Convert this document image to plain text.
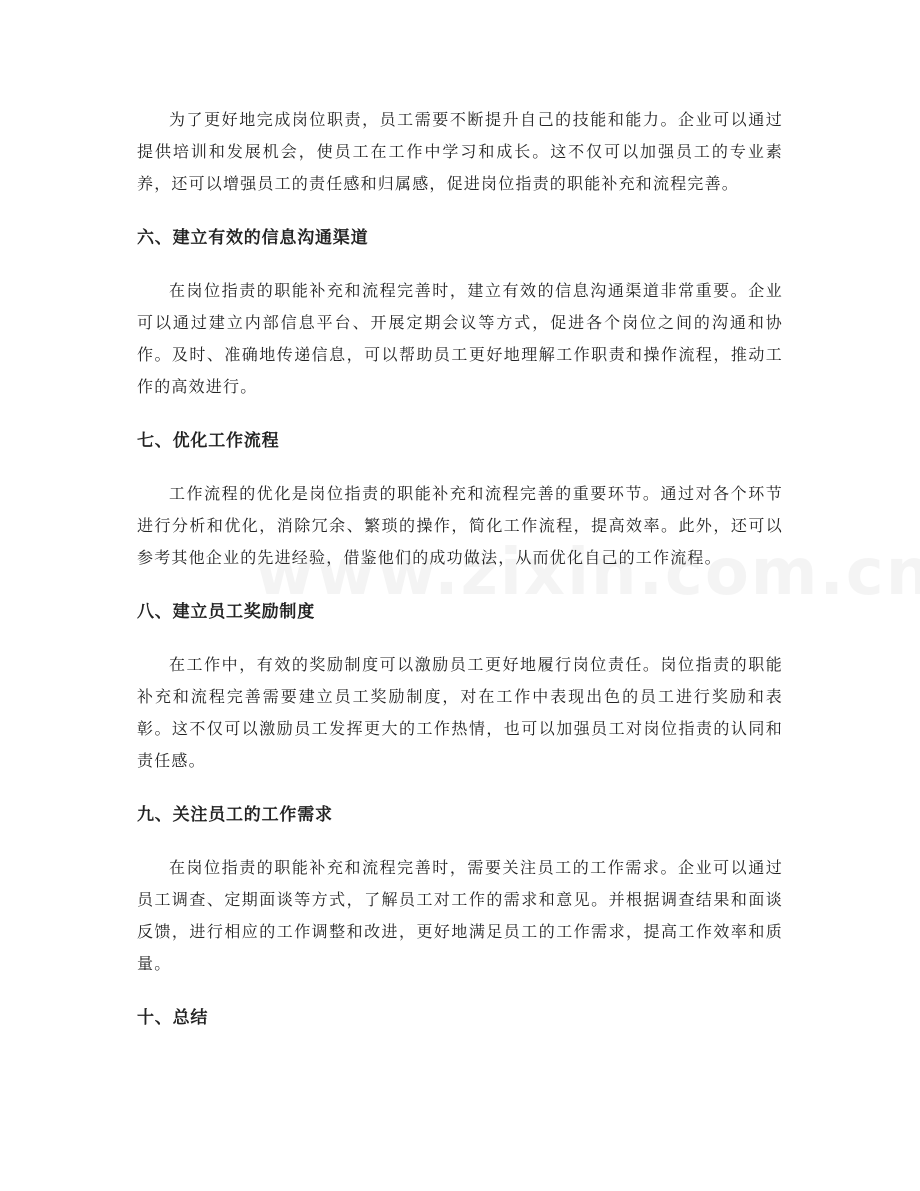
为了更好地完成岗位职责，员工需要不断提升自己的技能和能力。企业可以通过提供培训和发展机会，使员工在工作中学习和成长。这不仅可以加强员工的专业素养，还可以增强员工的责任感和归属感，促进岗位指责的职能补充和流程完善。

六、建立有效的信息沟通渠道

在岗位指责的职能补充和流程完善时，建立有效的信息沟通渠道非常重要。企业可以通过建立内部信息平台、开展定期会议等方式，促进各个岗位之间的沟通和协作。及时、准确地传递信息，可以帮助员工更好地理解工作职责和操作流程，推动工作的高效进行。

七、优化工作流程

工作流程的优化是岗位指责的职能补充和流程完善的重要环节。通过对各个环节进行分析和优化，消除冗余、繁琐的操作，简化工作流程，提高效率。此外，还可以参考其他企业的先进经验，借鉴他们的成功做法，从而优化自己的工作流程。

八、建立员工奖励制度

在工作中，有效的奖励制度可以激励员工更好地履行岗位责任。岗位指责的职能补充和流程完善需要建立员工奖励制度，对在工作中表现出色的员工进行奖励和表彰。这不仅可以激励员工发挥更大的工作热情，也可以加强员工对岗位指责的认同和责任感。

九、关注员工的工作需求

在岗位指责的职能补充和流程完善时，需要关注员工的工作需求。企业可以通过员工调查、定期面谈等方式，了解员工对工作的需求和意见。并根据调查结果和面谈反馈，进行相应的工作调整和改进，更好地满足员工的工作需求，提高工作效率和质量。

十、总结
